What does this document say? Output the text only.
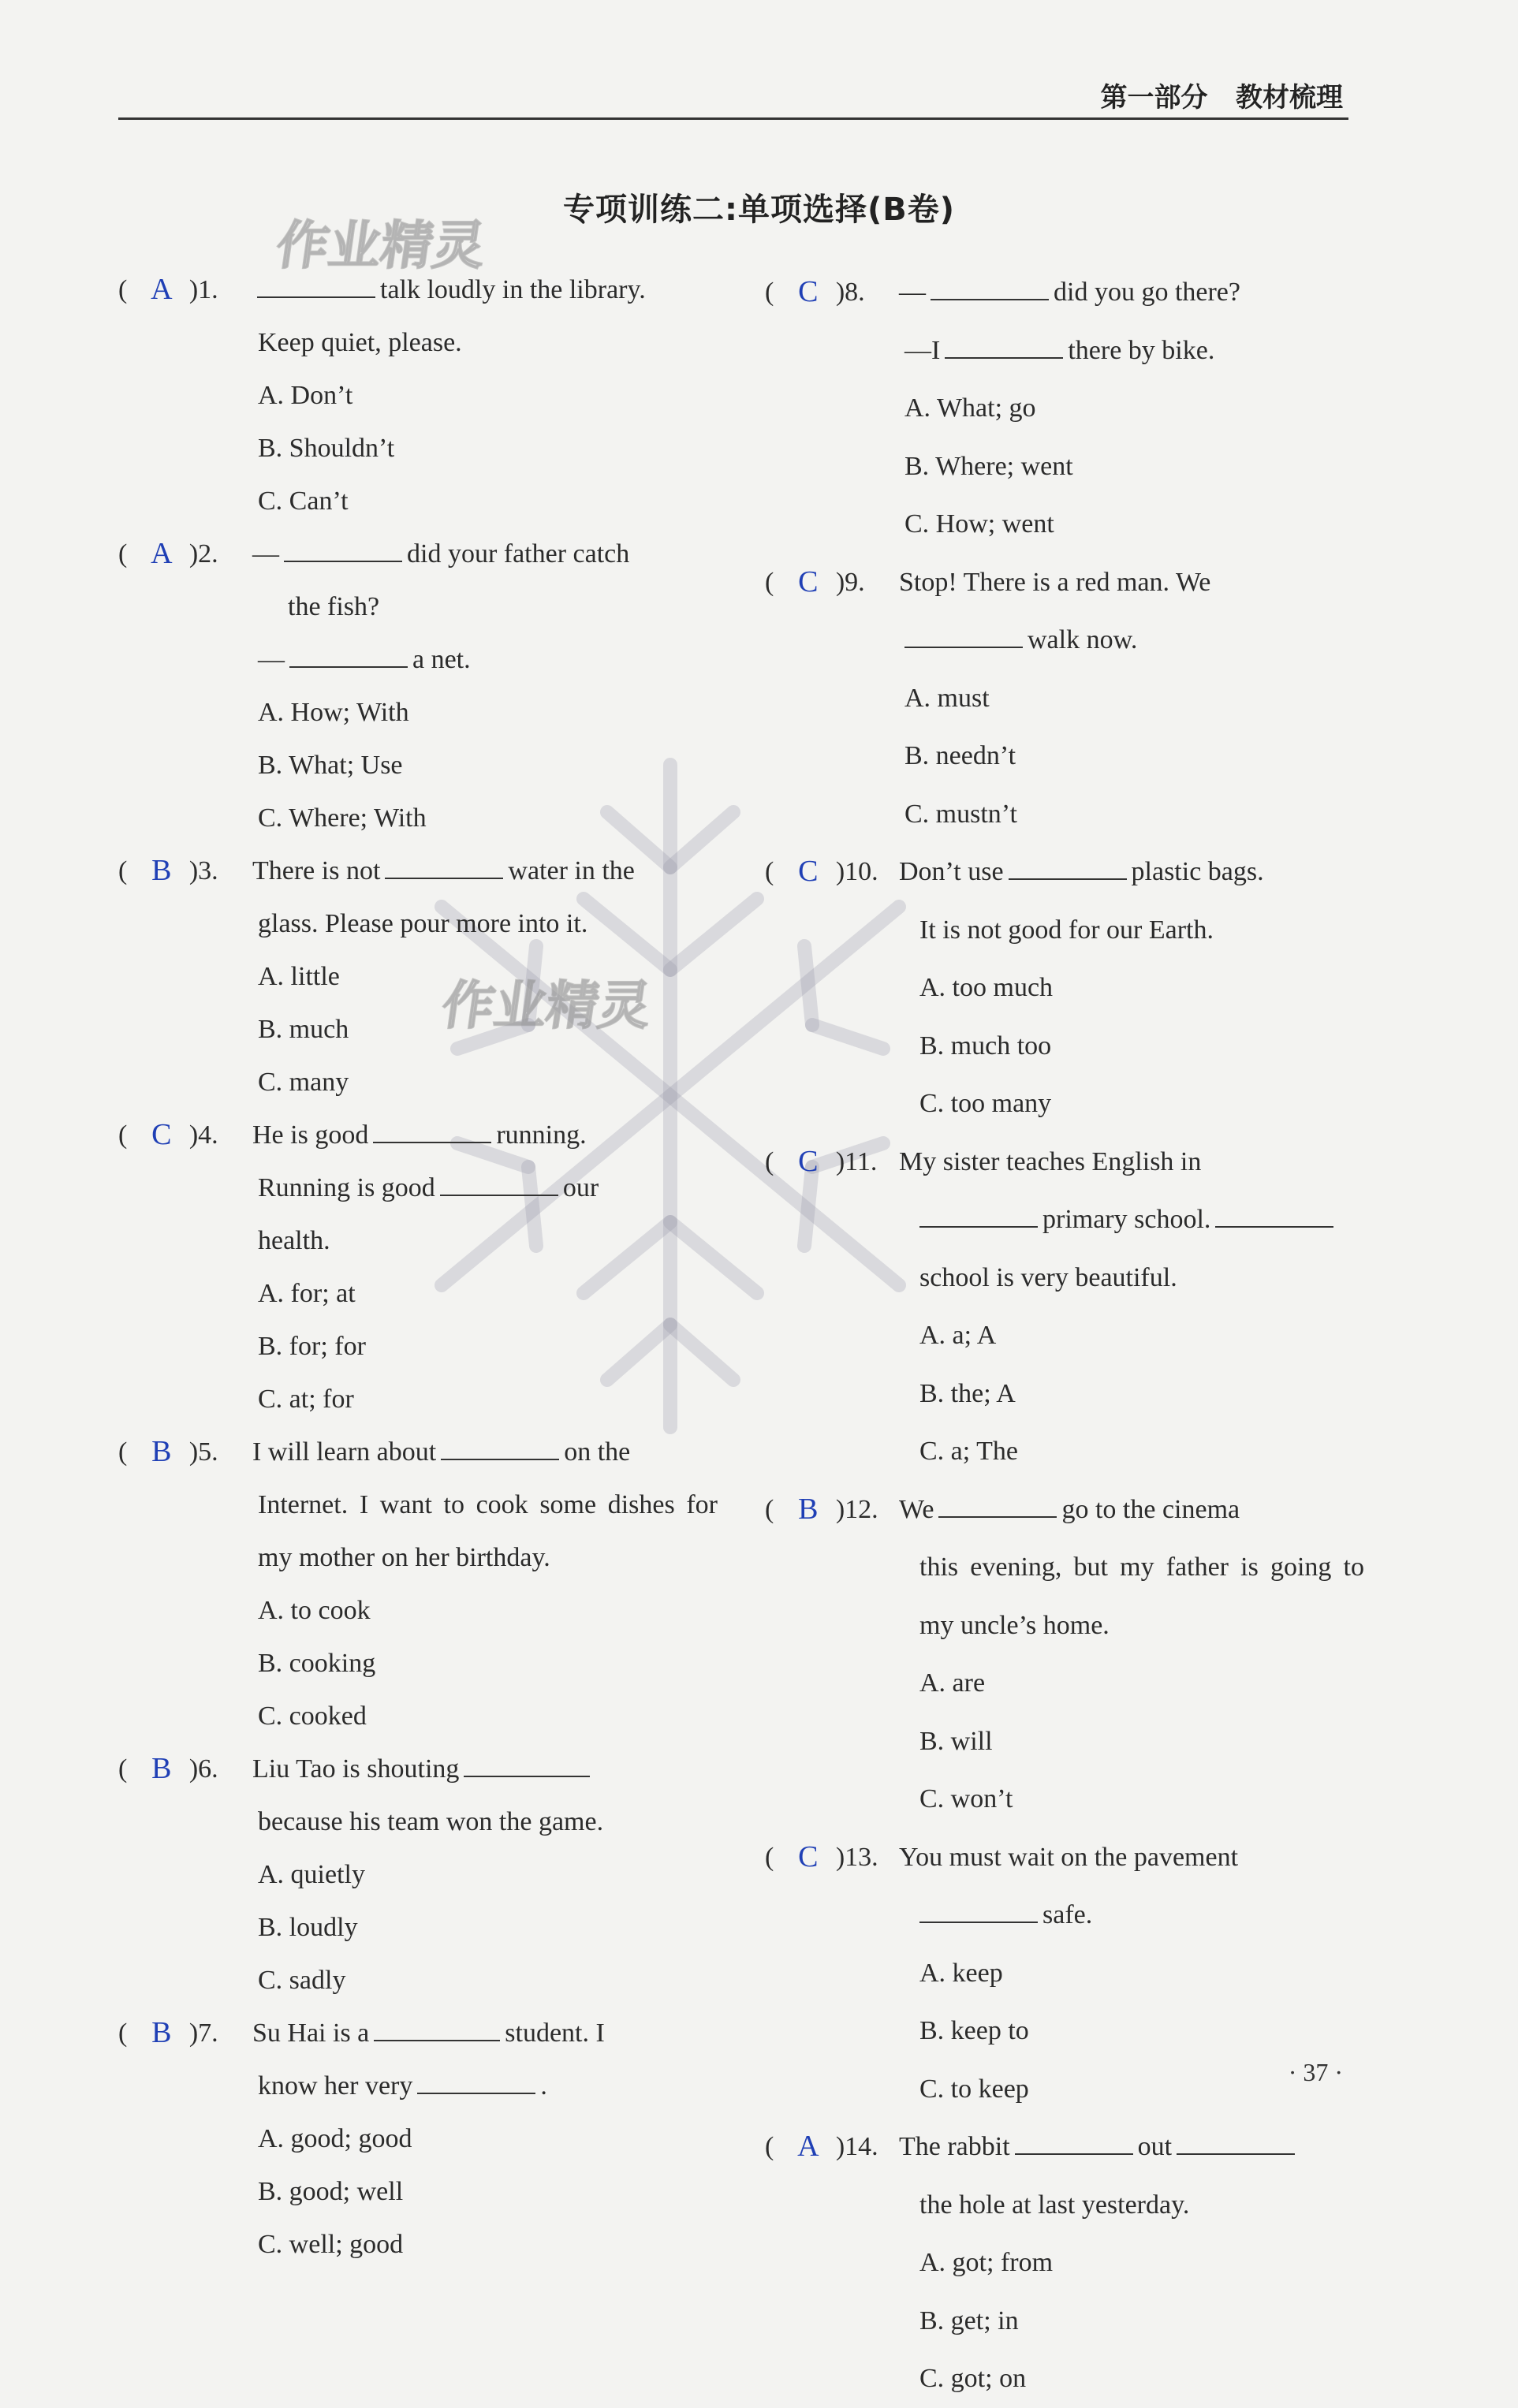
第一部分 教材梳理
作业精灵
作业精灵
专项训练二:单项选择(B卷)
( A ) 1.	talk loudly in the library.
Keep quiet, please.
A. Don’t
B. Shouldn’t
C. Can’t
( A ) 2. —	did your father catch
the fish?
—	a net.
A. How; With
B. What; Use
C. Where; With
( B ) 3. There is not	water in the
glass. Please pour more into it.
A. little
B. much
C. many
( C ) 4. He is good	running.
Running is good	our
health.
A. for; at
B. for; for
C. at; for
( B ) 5. I will learn about	on the
Internet. I want to cook some dishes for my mother on her birthday.
A. to cook
B. cooking
C. cooked
( B ) 6. Liu Tao is shouting
because his team won the game.
A. quietly
B. loudly
C. sadly
( B ) 7. Su Hai is a	student. I
know her very	.
A. good; good
B. good; well
C. well; good
( C ) 8. —	did you go there?
—I	there by bike.
A. What; go
B. Where; went
C. How; went
( C ) 9. Stop! There is a red man. We
walk now.
A. must
B. needn’t
C. mustn’t
( C ) 10. Don’t use	plastic bags.
It is not good for our Earth.
A. too much
B. much too
C. too many
( C ) 11. My sister teaches English in
primary school.
school is very beautiful.
A. a; A
B. the; A
C. a; The
( B ) 12. We	go to the cinema
this evening, but my father is going to my uncle’s home.
A. are
B. will
C. won’t
( C ) 13. You must wait on the pavement
safe.
A. keep
B. keep to
C. to keep
( A ) 14. The rabbit	out
the hole at last yesterday.
A. got; from
B. get; in
C. got; on
· 37 ·
